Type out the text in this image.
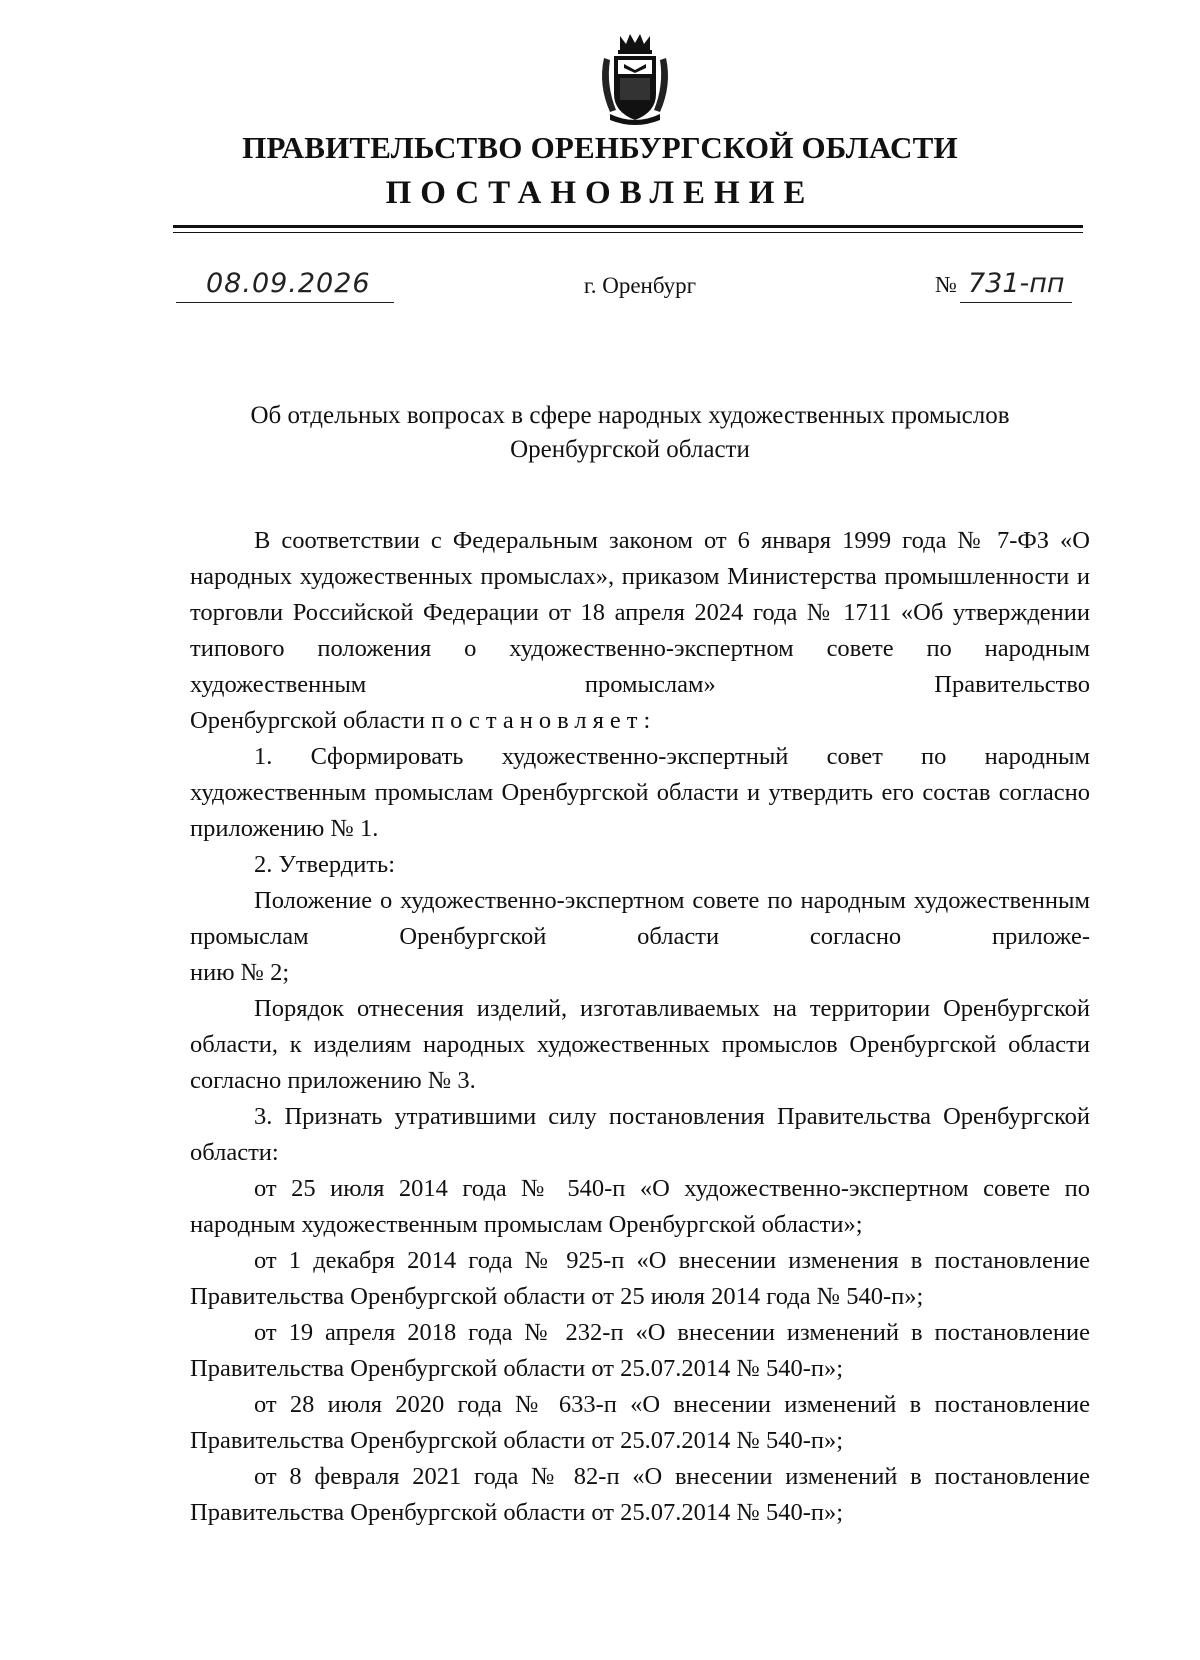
ПРАВИТЕЛЬСТВО ОРЕНБУРГСКОЙ ОБЛАСТИ
ПОСТАНОВЛЕНИЕ
08.09.2026	г. Оренбург	№ 731-пп
Об отдельных вопросах в сфере народных художественных промыслов
Оренбургской области

В соответствии с Федеральным законом от 6 января 1999 года № 7-ФЗ «О народных художественных промыслах», приказом Министерства промышленности и торговли Российской Федерации от 18 апреля 2024 года № 1711 «Об утверждении типового положения о художественно-экспертном совете по народным художественным промыслам» Правительство

Оренбургской области постановляет:

1. Сформировать художественно-экспертный совет по народным художественным промыслам Оренбургской области и утвердить его состав согласно приложению № 1.

2. Утвердить:

Положение о художественно-экспертном совете по народным художественным промыслам Оренбургской области согласно приложе-

нию № 2;

Порядок отнесения изделий, изготавливаемых на территории Оренбургской области, к изделиям народных художественных промыслов Оренбургской области согласно приложению № 3.

3. Признать утратившими силу постановления Правительства Оренбургской области:

от 25 июля 2014 года № 540-п «О художественно-экспертном совете по народным художественным промыслам Оренбургской области»;

от 1 декабря 2014 года № 925-п «О внесении изменения в постановление Правительства Оренбургской области от 25 июля 2014 года № 540-п»;

от 19 апреля 2018 года № 232-п «О внесении изменений в постановление Правительства Оренбургской области от 25.07.2014 № 540-п»;

от 28 июля 2020 года № 633-п «О внесении изменений в постановление Правительства Оренбургской области от 25.07.2014 № 540-п»;

от 8 февраля 2021 года № 82-п «О внесении изменений в постановление Правительства Оренбургской области от 25.07.2014 № 540-п»;
